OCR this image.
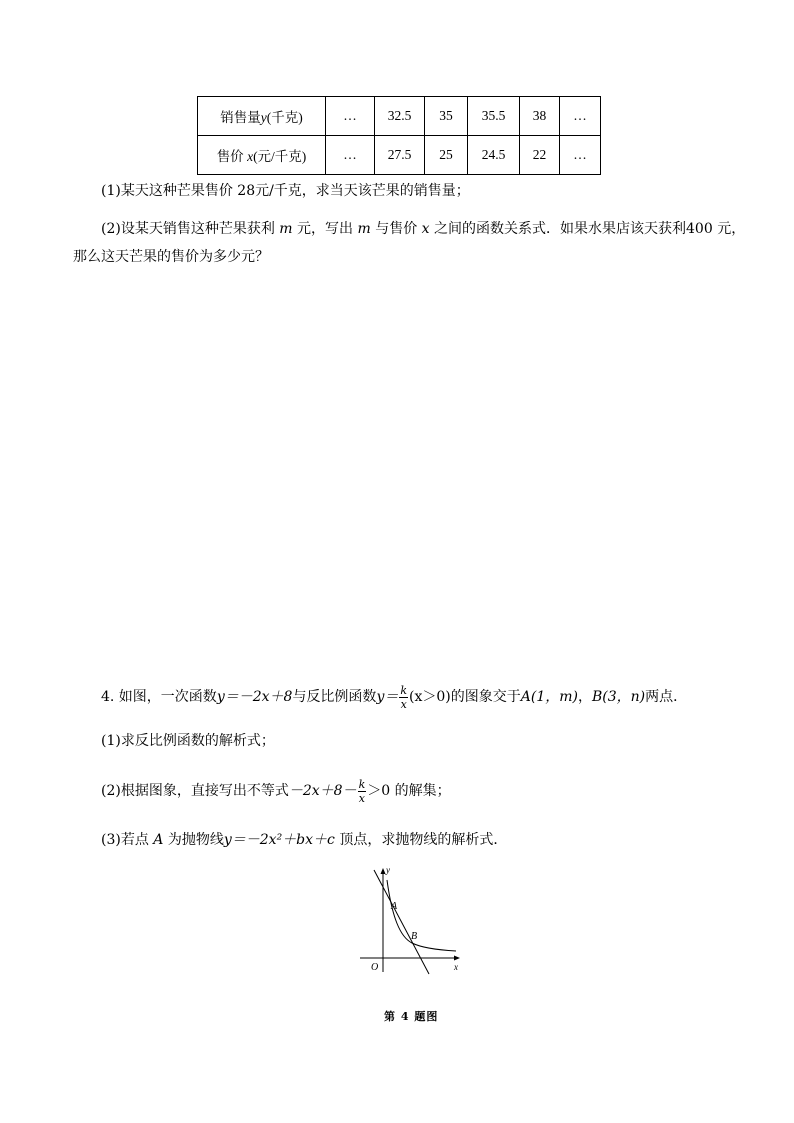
销售量y(千克)	…	32.5	35	35.5	38	…
售价 x(元/千克)	…	27.5	25	24.5	22	…
(1)某天这种芒果售价 28元/千克，求当天该芒果的销售量；
(2)设某天销售这种芒果获利 m 元，写出 m 与售价 x 之间的函数关系式．如果水果店该天获利400 元，
那么这天芒果的售价为多少元？
4. 如图，一次函数y＝－2x＋8与反比例函数$y= \frac{k}{x} (x>0)$的图象交于A(1，m)，B(3，n)两点．
(1)求反比例函数的解析式；
(2)根据图象，直接写出不等式$-2x+8- \frac{k}{x} >0$ 的解集；
(3)若点 A 为抛物线y＝－2x²＋bx＋c 顶点，求抛物线的解析式．
y
x
O
A
B
第 4 题图
